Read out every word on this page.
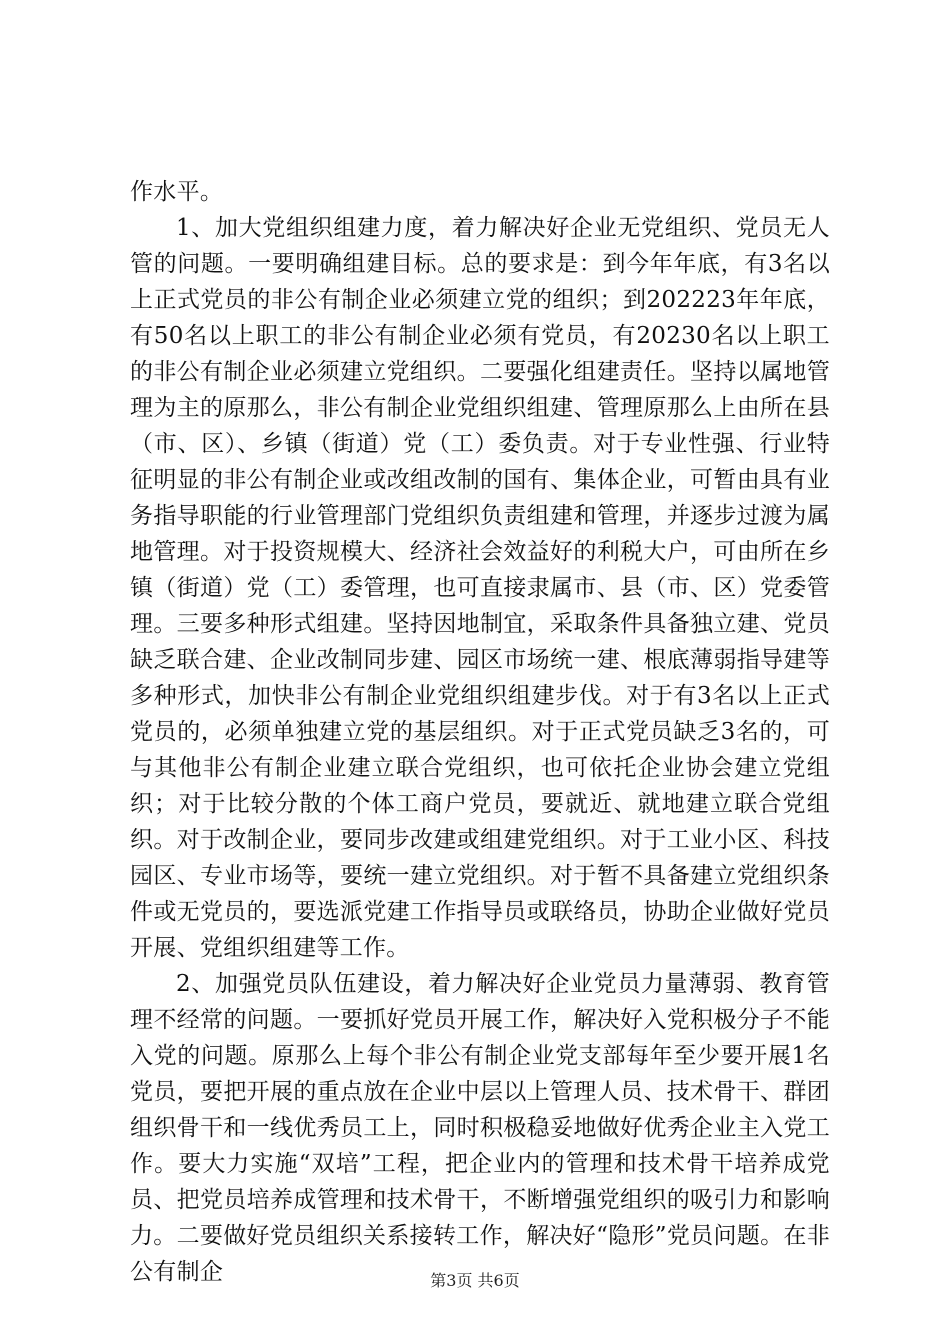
作水平。

1、加大党组织组建力度，着力解决好企业无党组织、党员无人管的问题。一要明确组建目标。总的要求是：到今年年底，有3名以上正式党员的非公有制企业必须建立党的组织；到202223年年底，有50名以上职工的非公有制企业必须有党员，有20230名以上职工的非公有制企业必须建立党组织。二要强化组建责任。坚持以属地管理为主的原那么，非公有制企业党组织组建、管理原那么上由所在县（市、区）、乡镇（街道）党（工）委负责。对于专业性强、行业特征明显的非公有制企业或改组改制的国有、集体企业，可暂由具有业务指导职能的行业管理部门党组织负责组建和管理，并逐步过渡为属地管理。对于投资规模大、经济社会效益好的利税大户，可由所在乡镇（街道）党（工）委管理，也可直接隶属市、县（市、区）党委管理。三要多种形式组建。坚持因地制宜，采取条件具备独立建、党员缺乏联合建、企业改制同步建、园区市场统一建、根底薄弱指导建等多种形式，加快非公有制企业党组织组建步伐。对于有3名以上正式党员的，必须单独建立党的基层组织。对于正式党员缺乏3名的，可与其他非公有制企业建立联合党组织，也可依托企业协会建立党组织；对于比较分散的个体工商户党员，要就近、就地建立联合党组织。对于改制企业，要同步改建或组建党组织。对于工业小区、科技园区、专业市场等，要统一建立党组织。对于暂不具备建立党组织条件或无党员的，要选派党建工作指导员或联络员，协助企业做好党员开展、党组织组建等工作。

2、加强党员队伍建设，着力解决好企业党员力量薄弱、教育管理不经常的问题。一要抓好党员开展工作，解决好入党积极分子不能入党的问题。原那么上每个非公有制企业党支部每年至少要开展1名党员，要把开展的重点放在企业中层以上管理人员、技术骨干、群团组织骨干和一线优秀员工上，同时积极稳妥地做好优秀企业主入党工作。要大力实施“双培”工程，把企业内的管理和技术骨干培养成党员、把党员培养成管理和技术骨干，不断增强党组织的吸引力和影响力。二要做好党员组织关系接转工作，解决好“隐形”党员问题。在非公有制企	第3页 共6页
